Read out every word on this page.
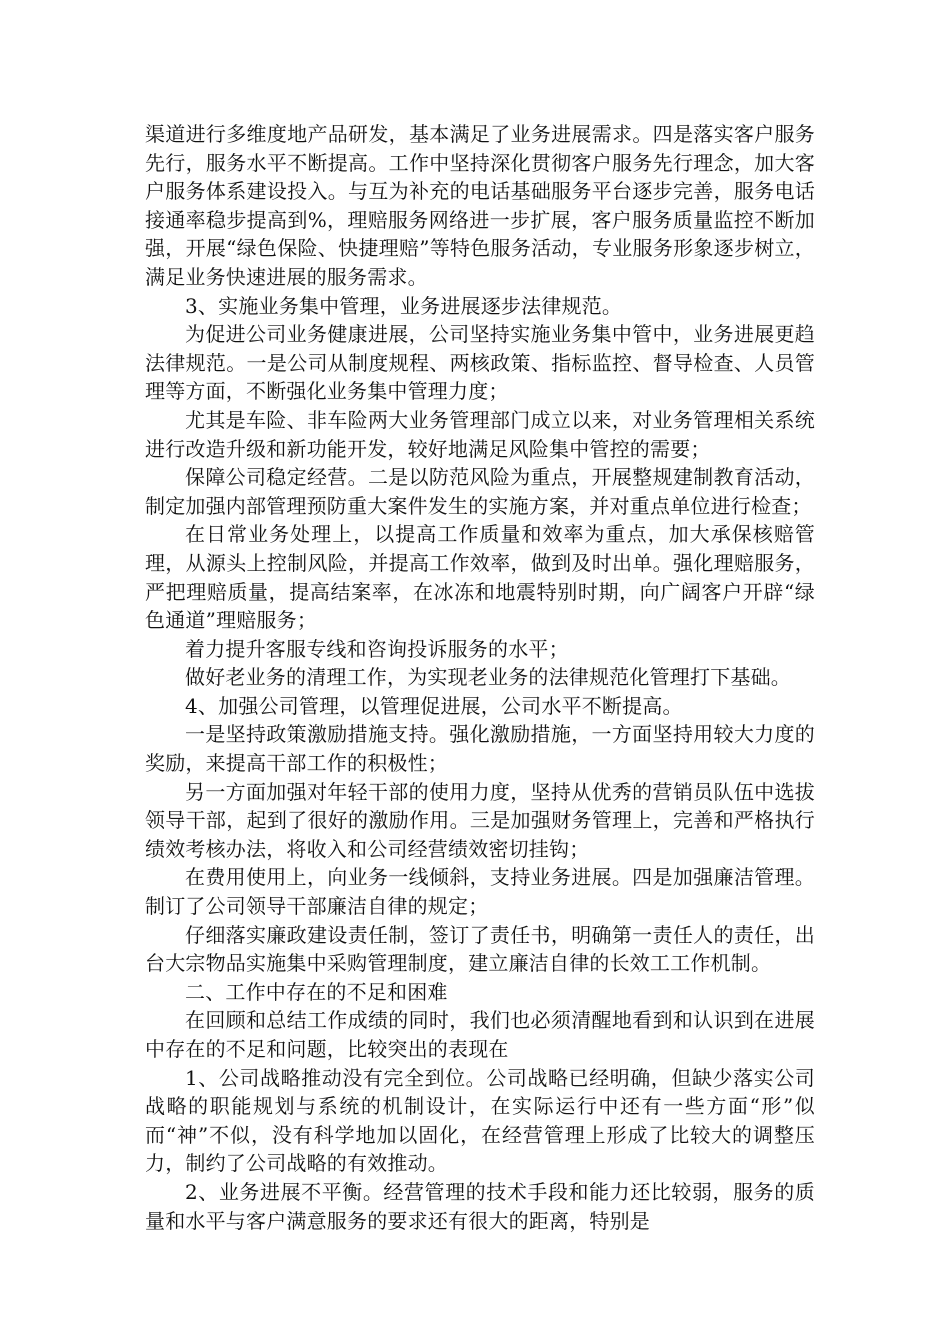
渠道进行多维度地产品研发，基本满足了业务进展需求。四是落实客户服务先行，服务水平不断提高。工作中坚持深化贯彻客户服务先行理念，加大客户服务体系建设投入。与互为补充的电话基础服务平台逐步完善，服务电话接通率稳步提高到%，理赔服务网络进一步扩展，客户服务质量监控不断加强，开展“绿色保险、快捷理赔”等特色服务活动，专业服务形象逐步树立，满足业务快速进展的服务需求。

3、实施业务集中管理，业务进展逐步法律规范。

为促进公司业务健康进展，公司坚持实施业务集中管中，业务进展更趋法律规范。一是公司从制度规程、两核政策、指标监控、督导检查、人员管理等方面，不断强化业务集中管理力度；

尤其是车险、非车险两大业务管理部门成立以来，对业务管理相关系统进行改造升级和新功能开发，较好地满足风险集中管控的需要；

保障公司稳定经营。二是以防范风险为重点，开展整规建制教育活动，制定加强内部管理预防重大案件发生的实施方案，并对重点单位进行检查；

在日常业务处理上，以提高工作质量和效率为重点，加大承保核赔管理，从源头上控制风险，并提高工作效率，做到及时出单。强化理赔服务，严把理赔质量，提高结案率，在冰冻和地震特别时期，向广阔客户开辟“绿色通道”理赔服务；

着力提升客服专线和咨询投诉服务的水平；

做好老业务的清理工作，为实现老业务的法律规范化管理打下基础。

4、加强公司管理，以管理促进展，公司水平不断提高。

一是坚持政策激励措施支持。强化激励措施，一方面坚持用较大力度的奖励，来提高干部工作的积极性；

另一方面加强对年轻干部的使用力度，坚持从优秀的营销员队伍中选拔领导干部，起到了很好的激励作用。三是加强财务管理上，完善和严格执行绩效考核办法，将收入和公司经营绩效密切挂钩；

在费用使用上，向业务一线倾斜，支持业务进展。四是加强廉洁管理。制订了公司领导干部廉洁自律的规定；

仔细落实廉政建设责任制，签订了责任书，明确第一责任人的责任，出台大宗物品实施集中采购管理制度，建立廉洁自律的长效工工作机制。

二、工作中存在的不足和困难

在回顾和总结工作成绩的同时，我们也必须清醒地看到和认识到在进展中存在的不足和问题，比较突出的表现在

1、公司战略推动没有完全到位。公司战略已经明确，但缺少落实公司战略的职能规划与系统的机制设计，在实际运行中还有一些方面“形”似而“神”不似，没有科学地加以固化，在经营管理上形成了比较大的调整压力，制约了公司战略的有效推动。

2、业务进展不平衡。经营管理的技术手段和能力还比较弱，服务的质量和水平与客户满意服务的要求还有很大的距离，特别是
